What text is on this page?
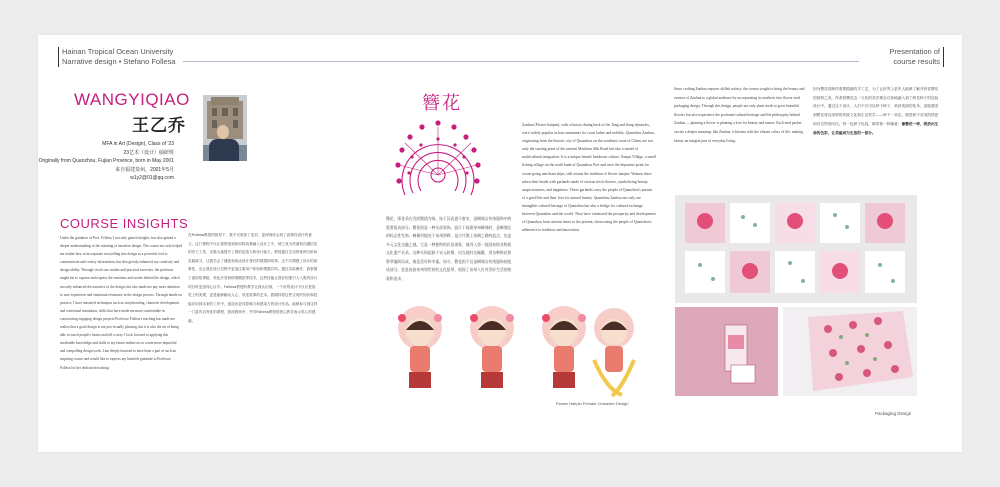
Hainan Tropical Ocean University
Narrative design • Stefano Follesa
Presentation of
course results
WANGYIQIAO
王乙乔
MFA in Art (Design), Class of '23
23艺术（设计）硕研班
Originally from Quanzhou, Fujian Province, born in May 2001
来自福建泉州，2001年5月
w1y2@01@qq.com
COURSE INSIGHTS
Under the guidance of Prof. Follesa, I not only gained insights, but also gained a deeper understanding of the meaning of narrative design. The course not only helped me realize how to incorporate storytelling into design as a powerful tool to communicate and convey information, but also greatly enhanced my creativity and design ability. Through vivid case studies and practical exercises, the professor taught me to capture and express the emotions and stories behind the design, which not only enhanced the narrative of the design, but also made me pay more attention to user experience and emotional resonance in the design process. Through hands-on practice, I have mastered techniques such as storyboarding, character development, and contextual simulation, skills that have made me more comfortable in constructing engaging design projects.Professor Follesa's teaching has made me realize that a good design is not just visually pleasing, but it is also the art of being able to touch people's hearts and tell a story. I look forward to applying this invaluable knowledge and skills to my future endeavors to create more impactful and compelling design work. I am deeply honored to have been a part of such an inspiring course and would like to express my heartfelt gratitude to Professor Follesa for her dedicated teaching.
在Follesa教授的指导下，我不仅收获了见识，更深刻体会到了叙事性设计的意义。这门课程不仅让我领悟到如何将故事融入设计之中，使之成为传递和沟通信息的有力工具，还极大地提升了我的创造力和设计能力。教授通过生动的案例分析和实践练习，让我学会了捕捉和表达设计背后的情感和故事，这不仅增强了设计的叙事性，也让我在设计过程中更加注重用户体验和情感共鸣。通过实际操作，我掌握了诸如故事板、角色开发和情境模拟等技术，这些技能让我在构建引人入胜的设计项目时更加得心应手。Follesa教授的教学让我认识到，一个好的设计不仅仅是视觉上的美观，更是能够触动人心、讲述故事的艺术。我期待将这些宝贵的知识和技能应用到未来的工作中，创造出更具影响力和感染力的设计作品。能够参与到这样一门富有启发性的课程，我深感荣幸，并对Follesa教授的悉心教导表示衷心的感谢。
簪花
簪花，即花朵在发间簪插为饰，始于汉而盛于唐宋，是蟳埔女传统服饰中的重要组成部分。簪花围是一种头部装饰，流行于福建泉州蟳埔村，是蟳埔女的标志性发饰。蟳埔村地处于泉州湾畔，是古代海上丝绸之路的起点，也是多元文化交融之地。它是一种独特的民俗现象，被列入第一批国家级非物质文化遗产名录。这种头饰起源于宋元时期，由当地妇女佩戴，用各种鲜花和香草编织而成，寓意美好和幸福。如今，簪花围不仅是蟳埔女传统服饰的组成部分，更是连接泉州和世界的文化纽带，展现了泉州人民对美好生活的热爱和追求。
Zanhua (Flower hairpin), with a history dating back to the Tang and Song dynasties, were widely popular as hair ornaments for court ladies and nobility. Quanzhou Zanhua, originating from the historic city of Quanzhou on the southeast coast of China, are not only the starting point of the ancient Maritime Silk Road but also a model of multicultural integration. It is a unique female headwear culture, Xunpu Village, a small fishing village on the north bank of Quanzhou Port and once the departure point for ocean-going merchant ships, still retains the tradition of flower hairpin. Women there adorn their heads with garlands made of various fresh flowers, symbolizing beauty, auspiciousness, and happiness. These garlands carry the people of Quanzhou's pursuit of a good life and their love for natural beauty. Quanzhou Zanhua not only are intangible cultural heritage of Quanzhou but also a bridge for cultural exchange between Quanzhou and the world. They have witnessed the prosperity and development of Quanzhou from ancient times to the present, showcasing the people of Quanzhou's adherence to tradition and innovation.
Flower Hairpin Female Character Design
Since crafting Zanhua requires skilled artistry, the creator sought to bring the beauty and essence of Zanhua to a global audience by incorporating its aesthetic into flower seed packaging design. Through this design, people not only plant seeds to grow beautiful flowers but also experience the profound cultural heritage and life philosophy behind Zanhua — planting a flower is planting a love for beauty and nature. Each seed packet carries a deeper meaning: like Zanhua, it blooms with the vibrant colors of life, making beauty an integral part of everyday living.
因为簪花的制作需要精湛的手工艺，为了让世界上更多人能够了解并欣赏簪花的独特之美，作者将簪花这一文化的美学理念巧妙地融入到了鲜花种子的包装设计中。通过这个设计，人们不仅可以种下种子，收获美丽的花朵，更能感受到簪花背后深厚的传统文化和生活哲学——种下一朵花，便是种下对美的热爱和对自然的向往。每一包种子包装，都带着一种寓意：像簪花一样，绽放出生命的色彩，让美丽成为生活的一部分。
Packaging Design
